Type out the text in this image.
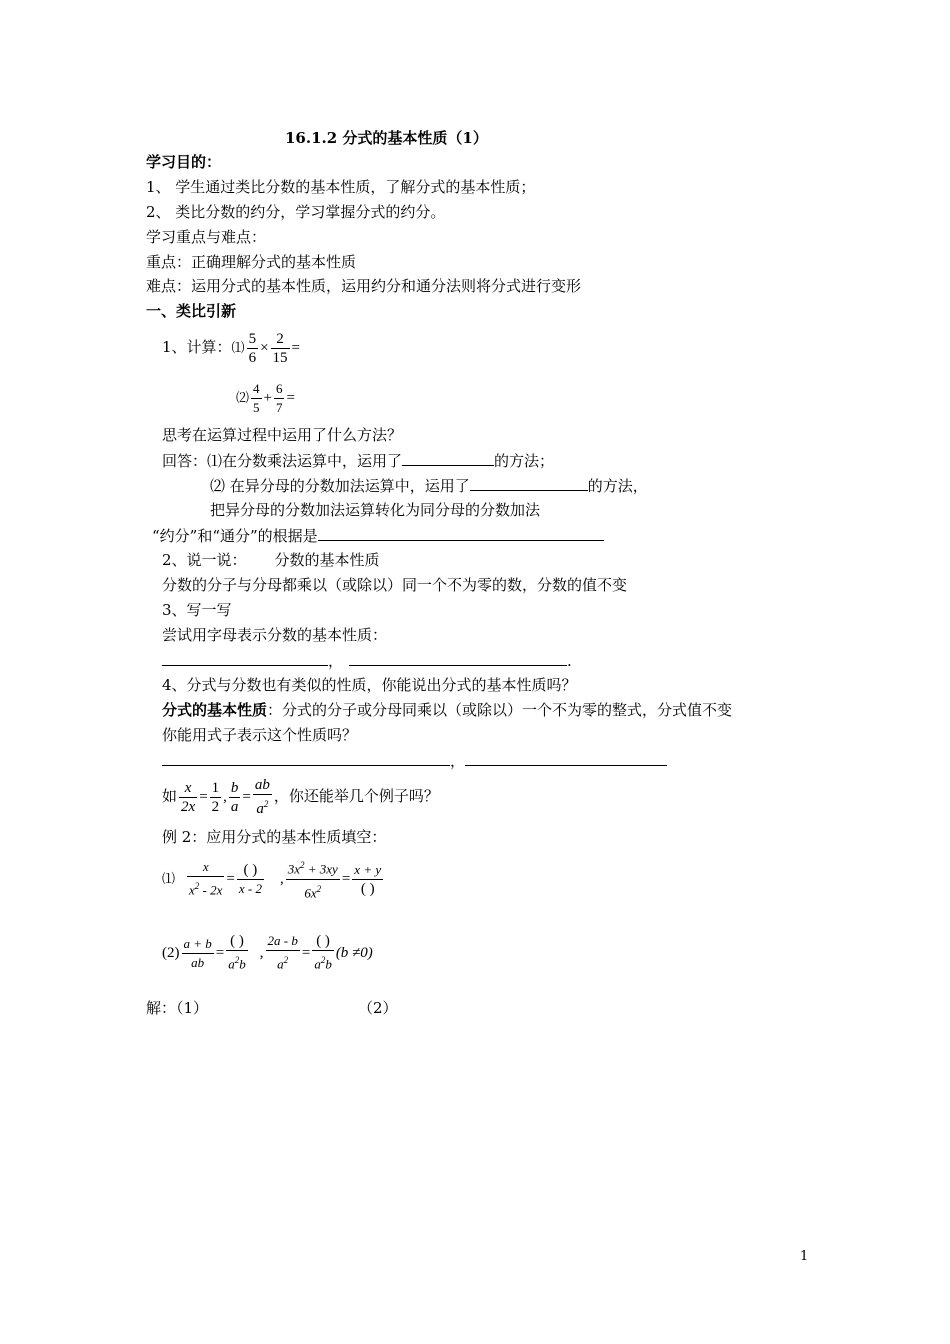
16.1.2 分式的基本性质（1）
学习目的：
1、 学生通过类比分数的基本性质，了解分式的基本性质；
2、 类比分数的约分，学习掌握分式的约分。
学习重点与难点：
重点：正确理解分式的基本性质
难点：运用分式的基本性质，运用约分和通分法则将分式进行变形
一、类比引新
1、计算：⑴ $\frac{5}{6} \times \frac{2}{15}$ =
⑵ $\frac{4}{5} + \frac{6}{7}$ =
思考在运算过程中运用了什么方法？
回答：⑴在分数乘法运算中，运用了	的方法；
⑵ 在异分母的分数加法运算中，运用了	的方法，
把异分母的分数加法运算转化为同分母的分数加法
“约分”和“通分”的根据是
2、说一说： 分数的基本性质
分数的分子与分母都乘以（或除以）同一个不为零的数，分数的值不变
3、写一写
尝试用字母表示分数的基本性质：
，	.
4、分式与分数也有类似的性质，你能说出分式的基本性质吗？
分式的基本性质：分式的分子或分母同乘以（或除以）一个不为零的整式，分式值不变
你能用式子表示这个性质吗？
，
如 $\frac{x}{2x} = \frac{1}{2}$ , $\frac{b}{a} = \frac{ab}{a^2}$ ，你还能举几个例子吗？
例 2：应用分式的基本性质填空：
⑴ $\frac{x}{x^2 - 2x} = \frac{( )}{x - 2}$ , $\frac{3x^2 + 3xy}{6x^2} = \frac{x + y}{( )}$
$(2) \frac{a + b}{ab} = \frac{( )}{a^2b}$ , $\frac{2a - b}{a^2} = \frac{( )}{a^2b} (b \ne 0)$
解：（1）	（2）
1
